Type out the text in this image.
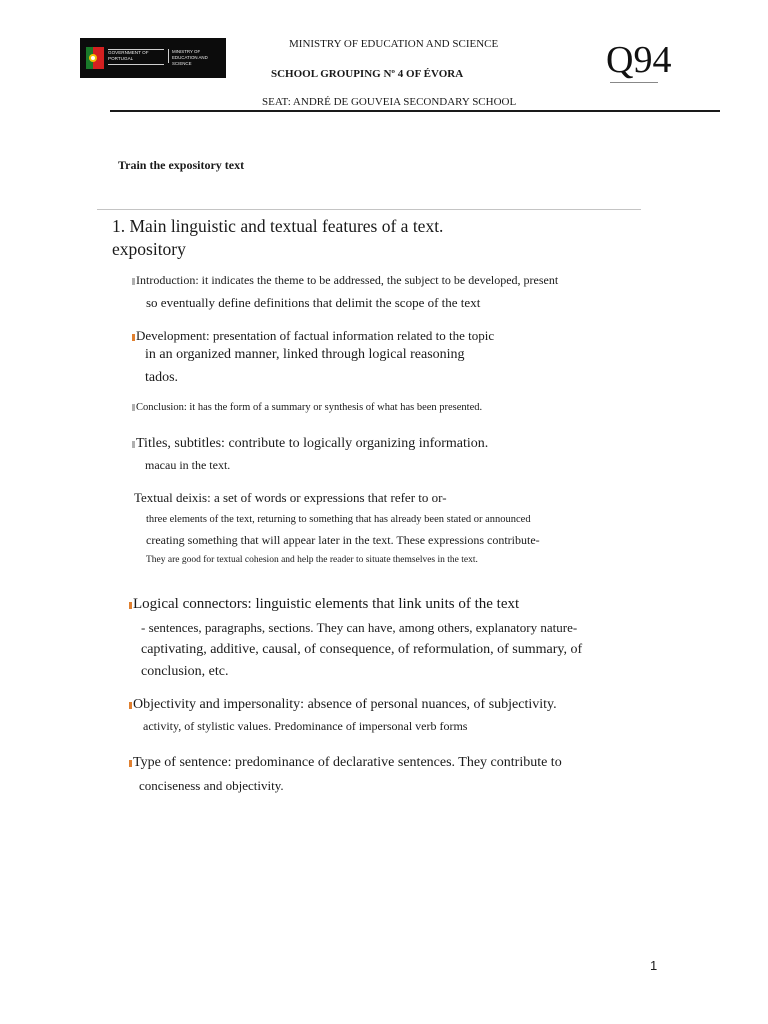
GOVERNMENT OF PORTUGAL
MINISTRY OF EDUCATION AND SCIENCE
MINISTRY OF EDUCATION AND SCIENCE
SCHOOL GROUPING Nº 4 OF ÉVORA
SEAT: ANDRÉ DE GOUVEIA SECONDARY SCHOOL
Q94
Train the expository text
1. Main linguistic and textual features of a text.
expository
Introduction: it indicates the theme to be addressed, the subject to be developed, present
so eventually define definitions that delimit the scope of the text
Development: presentation of factual information related to the topic
in an organized manner, linked through logical reasoning
tados.
Conclusion: it has the form of a summary or synthesis of what has been presented.
Titles, subtitles: contribute to logically organizing information.
macau in the text.
Textual deixis: a set of words or expressions that refer to or-
three elements of the text, returning to something that has already been stated or announced
creating something that will appear later in the text. These expressions contribute-
They are good for textual cohesion and help the reader to situate themselves in the text.
Logical connectors: linguistic elements that link units of the text
- sentences, paragraphs, sections. They can have, among others, explanatory nature-
captivating, additive, causal, of consequence, of reformulation, of summary, of
conclusion, etc.
Objectivity and impersonality: absence of personal nuances, of subjectivity.
activity, of stylistic values. Predominance of impersonal verb forms
Type of sentence: predominance of declarative sentences. They contribute to
conciseness and objectivity.
1
